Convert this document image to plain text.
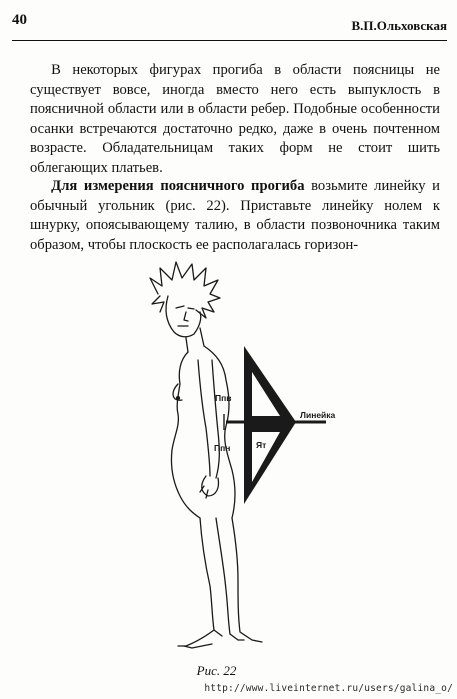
40	В.П.Ольховская

В некоторых фигурах прогиба в области поясницы не существует вовсе, иногда вместо него есть выпуклость в поясничной области или в области ребер. Подобные особенности осанки встречаются достаточно редко, даже в очень почтенном возрасте. Обладательницам таких форм не стоит шить облегающих платьев.

Для измерения поясничного прогиба возьмите линейку и обычный угольник (рис. 22). Приставьте линейку нолем к шнурку, опоясывающему талию, в области позвоночника таким образом, чтобы плоскость ее располагалась горизон-

Ппв	Лт
Линейка
Ят
Ппн
Рис. 22
http://www.liveinternet.ru/users/galina_o/
